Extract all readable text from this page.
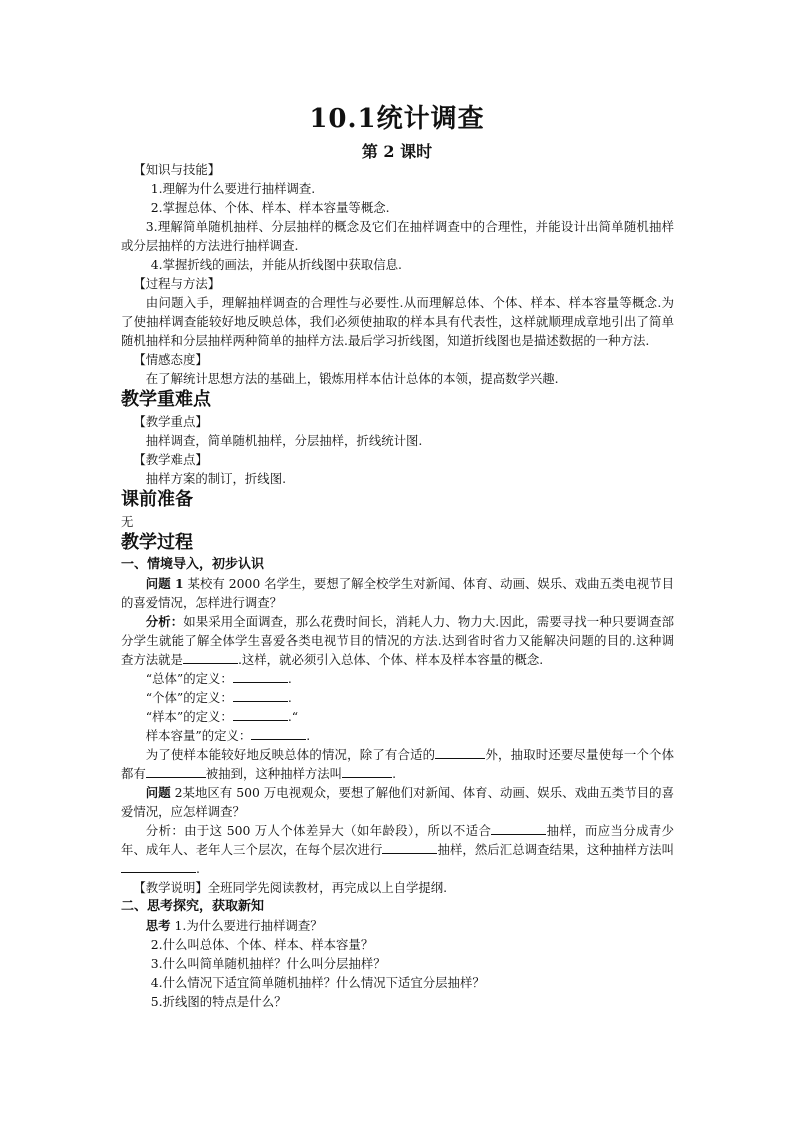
10.1统计调查
第 2 课时

【知识与技能】

1.理解为什么要进行抽样调查.

2.掌握总体、个体、样本、样本容量等概念.

3.理解简单随机抽样、分层抽样的概念及它们在抽样调查中的合理性，并能设计出简单随机抽样或分层抽样的方法进行抽样调查.

4.掌握折线的画法，并能从折线图中获取信息.

【过程与方法】

由问题入手，理解抽样调查的合理性与必要性.从而理解总体、个体、样本、样本容量等概念.为了使抽样调查能较好地反映总体，我们必须使抽取的样本具有代表性，这样就顺理成章地引出了简单随机抽样和分层抽样两种简单的抽样方法.最后学习折线图，知道折线图也是描述数据的一种方法.

【情感态度】

在了解统计思想方法的基础上，锻炼用样本估计总体的本领，提高数学兴趣.

教学重难点

【教学重点】

抽样调查，简单随机抽样，分层抽样，折线统计图.

【教学难点】

抽样方案的制订，折线图.

课前准备

无

教学过程

一、情境导入，初步认识

问题 1 某校有 2000 名学生，要想了解全校学生对新闻、体育、动画、娱乐、戏曲五类电视节目的喜爱情况，怎样进行调查？

分析：如果采用全面调查，那么花费时间长，消耗人力、物力大.因此，需要寻找一种只要调查部分学生就能了解全体学生喜爱各类电视节目的情况的方法.达到省时省力又能解决问题的目的.这种调查方法就是	.这样，就必须引入总体、个体、样本及样本容量的概念.

“总体”的定义：	.

“个体”的定义：	.

“样本”的定义：	.“

样本容量”的定义：	.

为了使样本能较好地反映总体的情况，除了有合适的	外，抽取时还要尽量使每一个个体都有	被抽到，这种抽样方法叫	.

问题 2某地区有 500 万电视观众，要想了解他们对新闻、体育、动画、娱乐、戏曲五类节目的喜爱情况，应怎样调查？

分析：由于这 500 万人个体差异大（如年龄段），所以不适合	抽样，而应当分成青少年、成年人、老年人三个层次，在每个层次进行	抽样，然后汇总调查结果，这种抽样方法叫.

【教学说明】全班同学先阅读教材，再完成以上自学提纲.

二、思考探究，获取新知

思考 1.为什么要进行抽样调查？

2.什么叫总体、个体、样本、样本容量？

3.什么叫简单随机抽样？什么叫分层抽样？

4.什么情况下适宜简单随机抽样？什么情况下适宜分层抽样？

5.折线图的特点是什么？
